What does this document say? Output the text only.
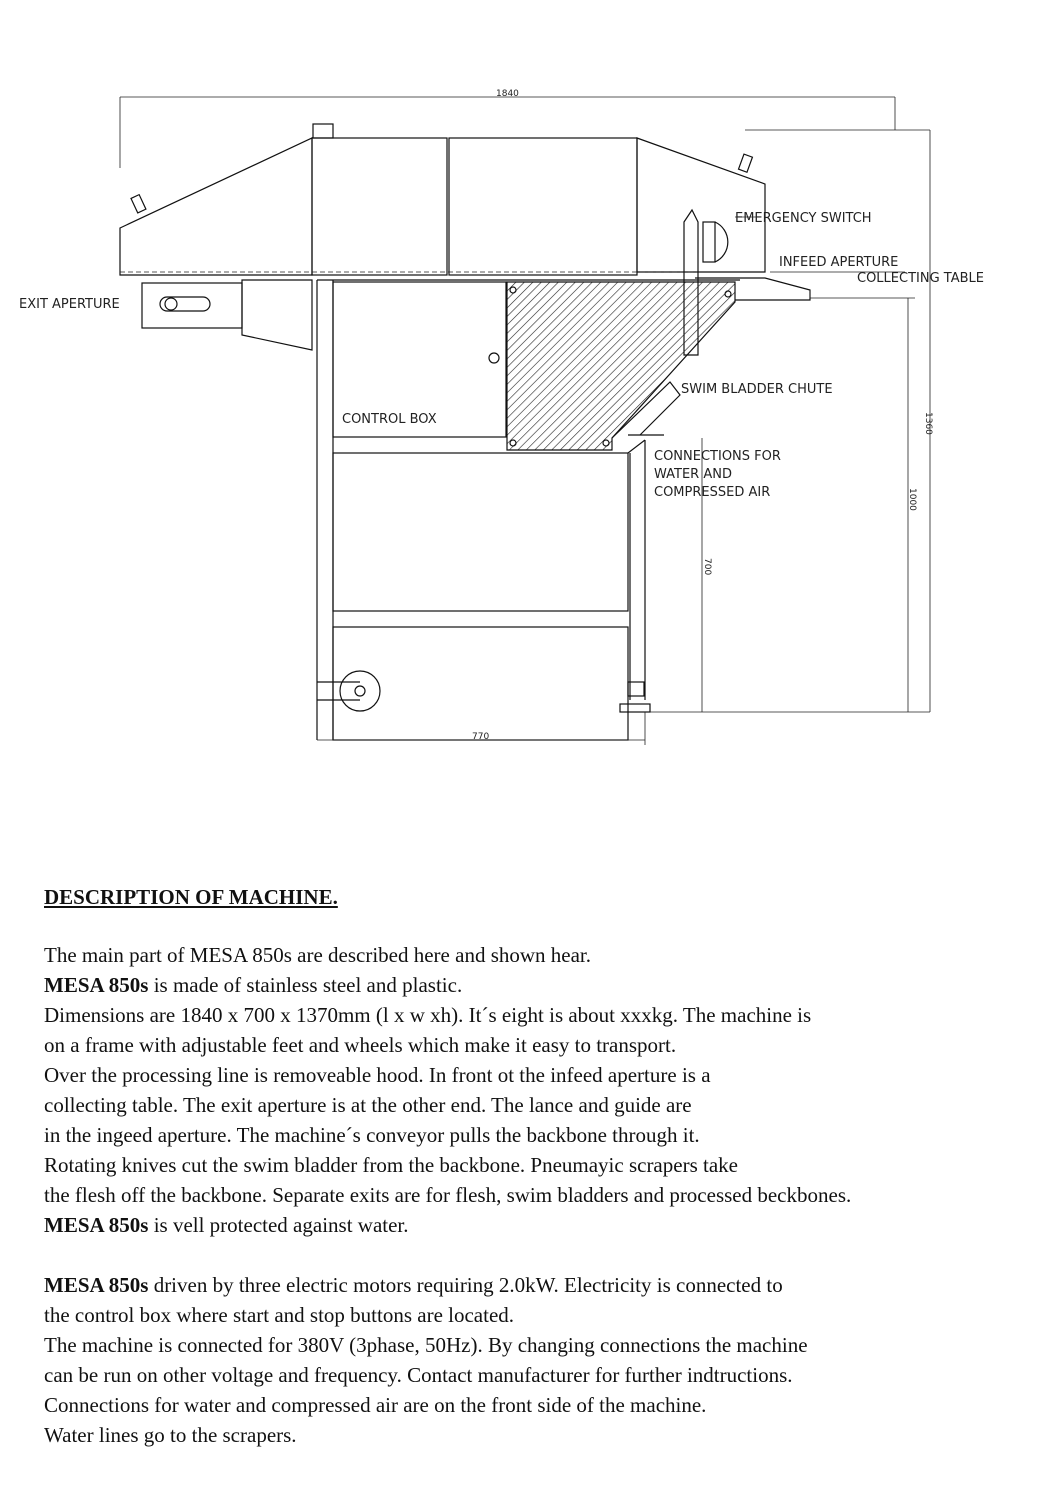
1840
700
1000
1360
770
EMERGENCY SWITCH
INFEED APERTURE
COLLECTING TABLE
EXIT APERTURE
SWIM BLADDER CHUTE
CONTROL BOX
CONNECTIONS FOR
WATER AND
COMPRESSED AIR
DESCRIPTION OF MACHINE.
The main part of MESA 850s are described here and shown hear.
MESA 850s is made of stainless steel and plastic.
Dimensions are 1840 x 700 x 1370mm (l x w xh). It´s eight is about xxxkg. The machine is
on a frame with adjustable feet and wheels which make it easy to transport.
Over the processing line is removeable hood. In front ot the infeed aperture is a
collecting table. The exit aperture is at the other end. The lance and guide are
in the ingeed aperture. The machine´s conveyor pulls the backbone through it.
Rotating knives cut the swim bladder from the backbone. Pneumayic scrapers take
the flesh off the backbone. Separate exits are for flesh, swim bladders and processed beckbones.
MESA 850s is vell protected against water.
MESA 850s driven by three electric motors requiring 2.0kW. Electricity is connected to
the control box where start and stop buttons are located.
The machine is connected for 380V (3phase, 50Hz). By changing connections the machine
can be run on other voltage and frequency. Contact manufacturer for further indtructions.
Connections for water and compressed air are on the front side of the machine.
Water lines go to the scrapers.
